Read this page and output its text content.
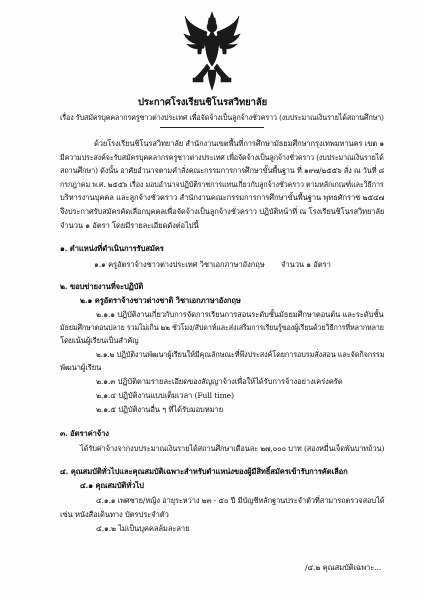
ประกาศโรงเรียนชิโนรสวิทยาลัย
เรื่อง รับสมัครบุคคลากรครูชาวต่างประเทศ เพื่อจัดจ้างเป็นลูกจ้างชั่วคราว (งบประมาณเงินรายได้สถานศึกษา)
ด้วยโรงเรียนชิโนรสวิทยาลัย สำนักงานเขตพื้นที่การศึกษามัธยมศึกษากรุงเทพมหานคร เขต ๑
มีความประสงค์จะรับสมัครบุคคลากรครูชาวต่างประเทศ เพื่อจัดจ้างเป็นลูกจ้างชั่วคราว (งบประมาณเงินรายได้
สถานศึกษา) ดังนั้น อาศัยอำนาจตามคำสั่งคณะกรรมการการศึกษาขั้นพื้นฐาน ที่ ๑๙๗/๒๕๕๖ สั่ง ณ วันที่ ๘
กรกฎาคม พ.ศ. ๒๕๕๖ เรื่อง มอบอำนาจปฏิบัติราชการแทนเกี่ยวกับลูกจ้างชั่วคราว ตามหลักเกณฑ์และวิธีการ
บริหารงานบุคคล และลูกจ้างชั่วคราว สำนักงานคณะกรรมการการศึกษาขั้นพื้นฐาน พุทธศักราช ๒๕๔๗
จึงประกาศรับสมัครคัดเลือกบุคคลเพื่อจัดจ้างเป็นลูกจ้างชั่วคราว ปฏิบัติหน้าที่ ณ โรงเรียนชิโนรสวิทยาลัย
จำนวน ๑ อัตรา โดยมีรายละเอียดดังต่อไปนี้
๑. ตำแหน่งที่ดำเนินการรับสมัคร
๑.๑ ครูอัตราจ้างชาวต่างประเทศ วิชาเอกภาษาอังกฤษ จำนวน ๑ อัตรา
๒. ขอบข่ายงานที่จะปฏิบัติ
๒.๑ ครูอัตราจ้างชาวต่างชาติ วิชาเอกภาษาอังกฤษ
๒.๑.๑ ปฏิบัติงานเกี่ยวกับการจัดการเรียนการสอนระดับชั้นมัธยมศึกษาตอนต้น และระดับชั้น
มัธยมศึกษาตอนปลาย รวมไม่เกิน ๒๒ ชั่วโมง/สัปดาห์และส่งเสริมการเรียนรู้ของผู้เรียนด้วยวิธีการที่หลากหลาย
โดยเน้นผู้เรียนเป็นสำคัญ
๒.๑.๒ ปฏิบัติงานพัฒนาผู้เรียนให้มีคุณลักษณะที่พึงประสงค์โดยการอบรมสั่งสอน และจัดกิจกรรม
พัฒนาผู้เรียน
๒.๑.๓ ปฏิบัติตามรายละเอียดของสัญญาจ้างเพื่อให้ได้รับการจ้างอย่างเคร่งครัด
๒.๑.๔ ปฏิบัติงานแบบเต็มเวลา (Full time)
๒.๑.๕ ปฏิบัติงานอื่น ๆ ที่ได้รับมอบหมาย
๓. อัตราค่าจ้าง
ได้รับค่าจ้างจากงบประมาณเงินรายได้สถานศึกษาเดือนละ ๒๗,๐๐๐ บาท (สองหมื่นเจ็ดพันบาทถ้วน)
๔. คุณสมบัติทั่วไปและคุณสมบัติเฉพาะสำหรับตำแหน่งของผู้มีสิทธิ์สมัครเข้ารับการคัดเลือก
๔.๑ คุณสมบัติทั่วไป
๔.๑.๑ เพศชาย/หญิง อายุระหว่าง ๒๓ - ๕๐ ปี มีบัญชีหลักฐานประจำตัวที่สามารถตรวจสอบได้
เช่น หนังสือเดินทาง บัตรประจำตัว
๔.๑.๒ ไม่เป็นบุคคลล้มละลาย
/๔.๒ คุณสมบัติเฉพาะ...
